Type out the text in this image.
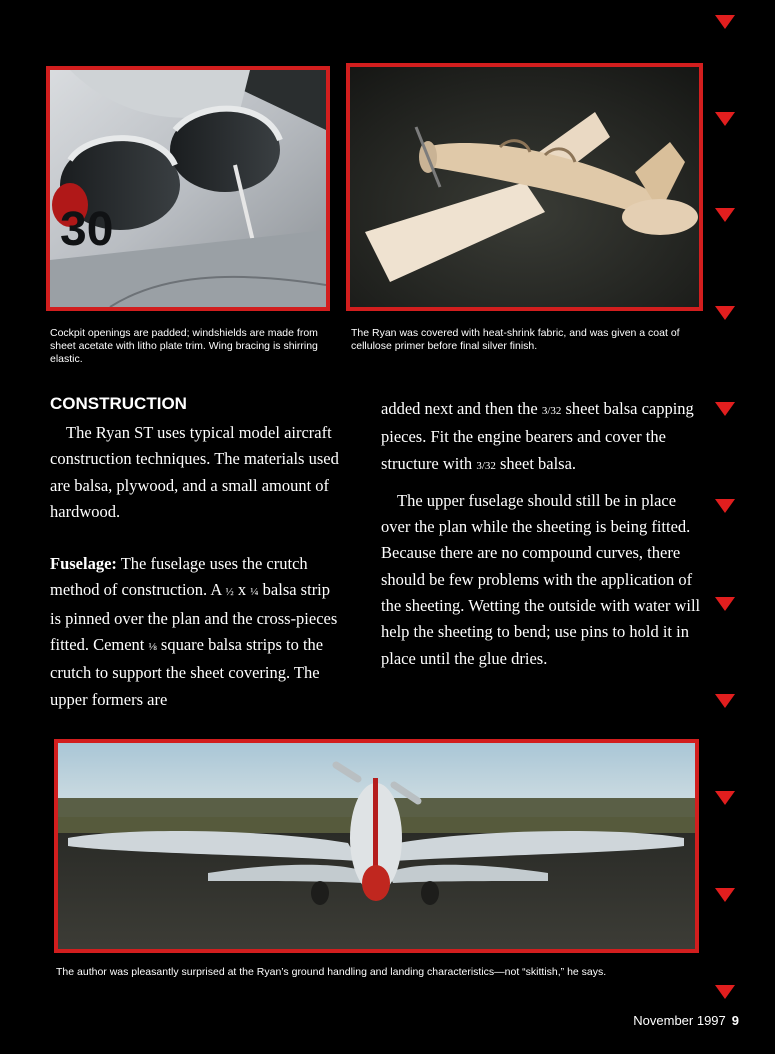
30
Cockpit openings are padded; windshields are made from sheet acetate with litho plate trim. Wing bracing is shirring elastic.
The Ryan was covered with heat-shrink fabric, and was given a coat of cellulose primer before final silver finish.
CONSTRUCTION

The Ryan ST uses typical model aircraft construction techniques. The materials used are balsa, plywood, and a small amount of hardwood.

Fuselage: The fuselage uses the crutch method of construction. A ½ x ¼ balsa strip is pinned over the plan and the cross-pieces fitted. Cement ⅛ square balsa strips to the crutch to support the sheet covering. The upper formers are

added next and then the 3/32 sheet balsa capping pieces. Fit the engine bearers and cover the structure with 3/32 sheet balsa.

The upper fuselage should still be in place over the plan while the sheeting is being fitted. Because there are no compound curves, there should be few problems with the application of the sheeting. Wetting the outside with water will help the sheeting to bend; use pins to hold it in place until the glue dries.

The author was pleasantly surprised at the Ryan’s ground handling and landing characteristics—not “skittish,” he says.
November 1997 9
